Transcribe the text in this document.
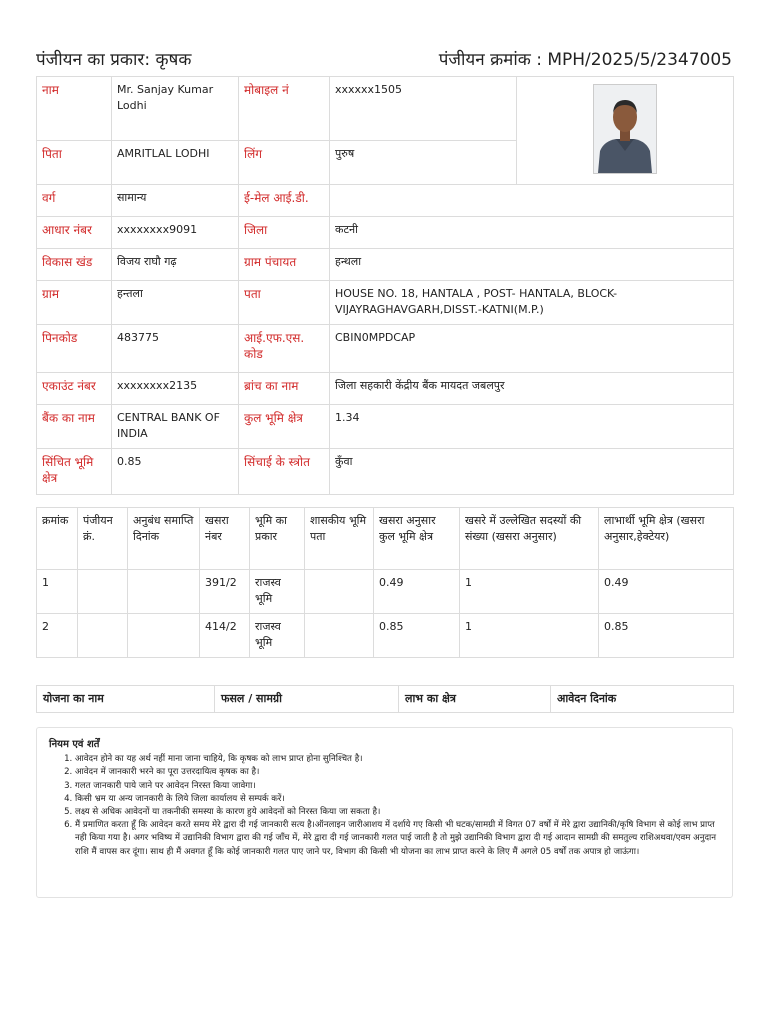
पंजीयन का प्रकार: कृषक	पंजीयन क्रमांक : MPH/2025/5/2347005
नाम	Mr. Sanjay Kumar Lodhi	मोबाइल नं	xxxxxx1505	
पिता	AMRITLAL LODHI	लिंग	पुरुष	
वर्ग	सामान्य	ई-मेल आई.डी.		
आधार नंबर	xxxxxxxx9091	जिला	कटनी	
विकास खंड	विजय राघौ गढ़	ग्राम पंचायत	हन्थला	
ग्राम	हन्तला	पता	HOUSE NO. 18, HANTALA , POST- HANTALA, BLOCK-VIJAYRAGHAVGARH,DISST.-KATNI(M.P.)	
पिनकोड	483775	आई.एफ.एस. कोड	CBIN0MPDCAP	
एकाउंट नंबर	xxxxxxxx2135	ब्रांच का नाम	जिला सहकारी केंद्रीय बैंक मायदत जबलपुर	
बैंक का नाम	CENTRAL BANK OF INDIA	कुल भूमि क्षेत्र	1.34	
सिंचित भूमि क्षेत्र	0.85	सिंचाई के स्त्रोत	कुँवा	
क्रमांक	पंजीयन क्रं.	अनुबंध समाप्ति दिनांक	खसरा नंबर	भूमि का प्रकार	शासकीय भूमि पता	खसरा अनुसार कुल भूमि क्षेत्र	खसरे में उल्लेखित सदस्यों की संख्या (खसरा अनुसार)	लाभार्थी भूमि क्षेत्र (खसरा अनुसार,हेक्टेयर)
1			391/2	राजस्व भूमि		0.49	1	0.49
2			414/2	राजस्व भूमि		0.85	1	0.85
योजना का नाम	फसल / सामग्री	लाभ का क्षेत्र	आवेदन दिनांक
नियम एवं शर्तें
1. आवेदन होने का यह अर्थ नहीं माना जाना चाहिये, कि कृषक को लाभ प्राप्त होना सुनिश्चित है।
2. आवेदन में जानकारी भरने का पूरा उत्तरदायित्व कृषक का है।
3. गलत जानकारी पाये जाने पर आवेदन निरस्त किया जावेगा।
4. किसी भ्रम या अन्य जानकारी के लिये जिला कार्यालय से सम्पर्क करें।
5. लक्ष्य से अधिक आवेदनों या तकनीकी समस्या के कारण हुये आवेदनों को निरस्त किया जा सकता है।
6. मैं प्रमाणित करता हूँ कि आवेदन करते समय मेरे द्वारा दी गई जानकारी सत्य है।ऑनलाइन जारीआशय में दर्शाये गए किसी भी घटक/सामग्री में विगत 07 वर्षों में मेरे द्वारा उद्यानिकी/कृषि विभाग से कोई लाभ प्राप्त नही किया गया है। अगर भविष्य में उद्यानिकी विभाग द्वारा की गई जाँच में, मेरे द्वारा दी गई जानकारी गलत पाई जाती है तो मुझे उद्यानिकी विभाग द्वारा दी गई आदान सामग्री की समतुल्य राशिअथवा/एवम अनुदान राशि मैं वापस कर दूंगा। साथ ही मैं अवगत हूँ कि कोई जानकारी गलत पाए जाने पर, विभाग की किसी भी योजना का लाभ प्राप्त करने के लिए मैं अगले 05 वर्षों तक अपात्र हो जाऊंगा।
